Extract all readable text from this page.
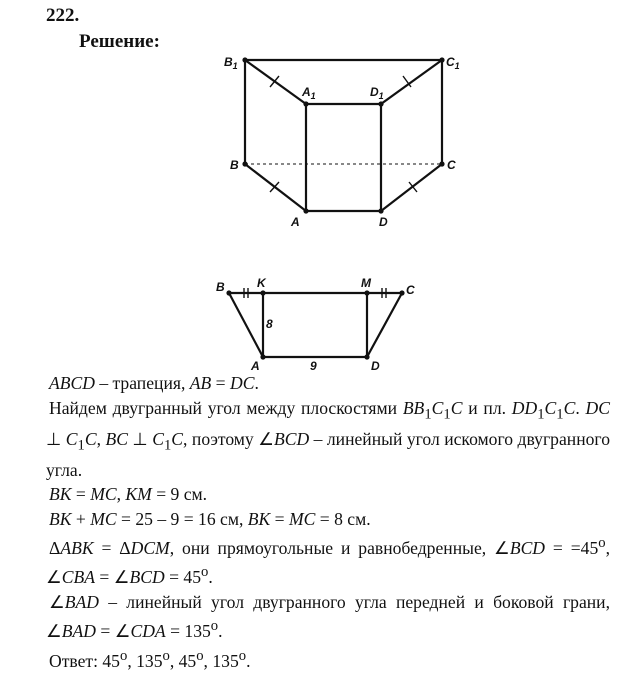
222.
Решение:
$B_1$	$C_1$
$A_1$	$D_1$
B	C
A	D
B	K	M	C
A	D
8
9

ABCD – трапеция, AB = DC.

Найдем двугранный угол между плоскостями $BB_1C_1C$ и пл. $DD_1C_1C$. DC ⊥ $C_1C$, BC ⊥ $C_1C$, поэтому ∠BCD – линейный угол искомого двугранного угла.

BK = MC, KM = 9 см.

BK + MC = 25 – 9 = 16 см, BK = MC = 8 см.

ΔABK = ΔDCM, они прямоугольные и равнобедренные, ∠BCD = $=45^o$, ∠CBA = ∠BCD = $45^o$.

∠BAD – линейный угол двугранного угла передней и боковой грани, ∠BAD = ∠CDA = $135^o$.

Ответ: 45$^o$, 135$^o$, 45$^o$, 135$^o$.
